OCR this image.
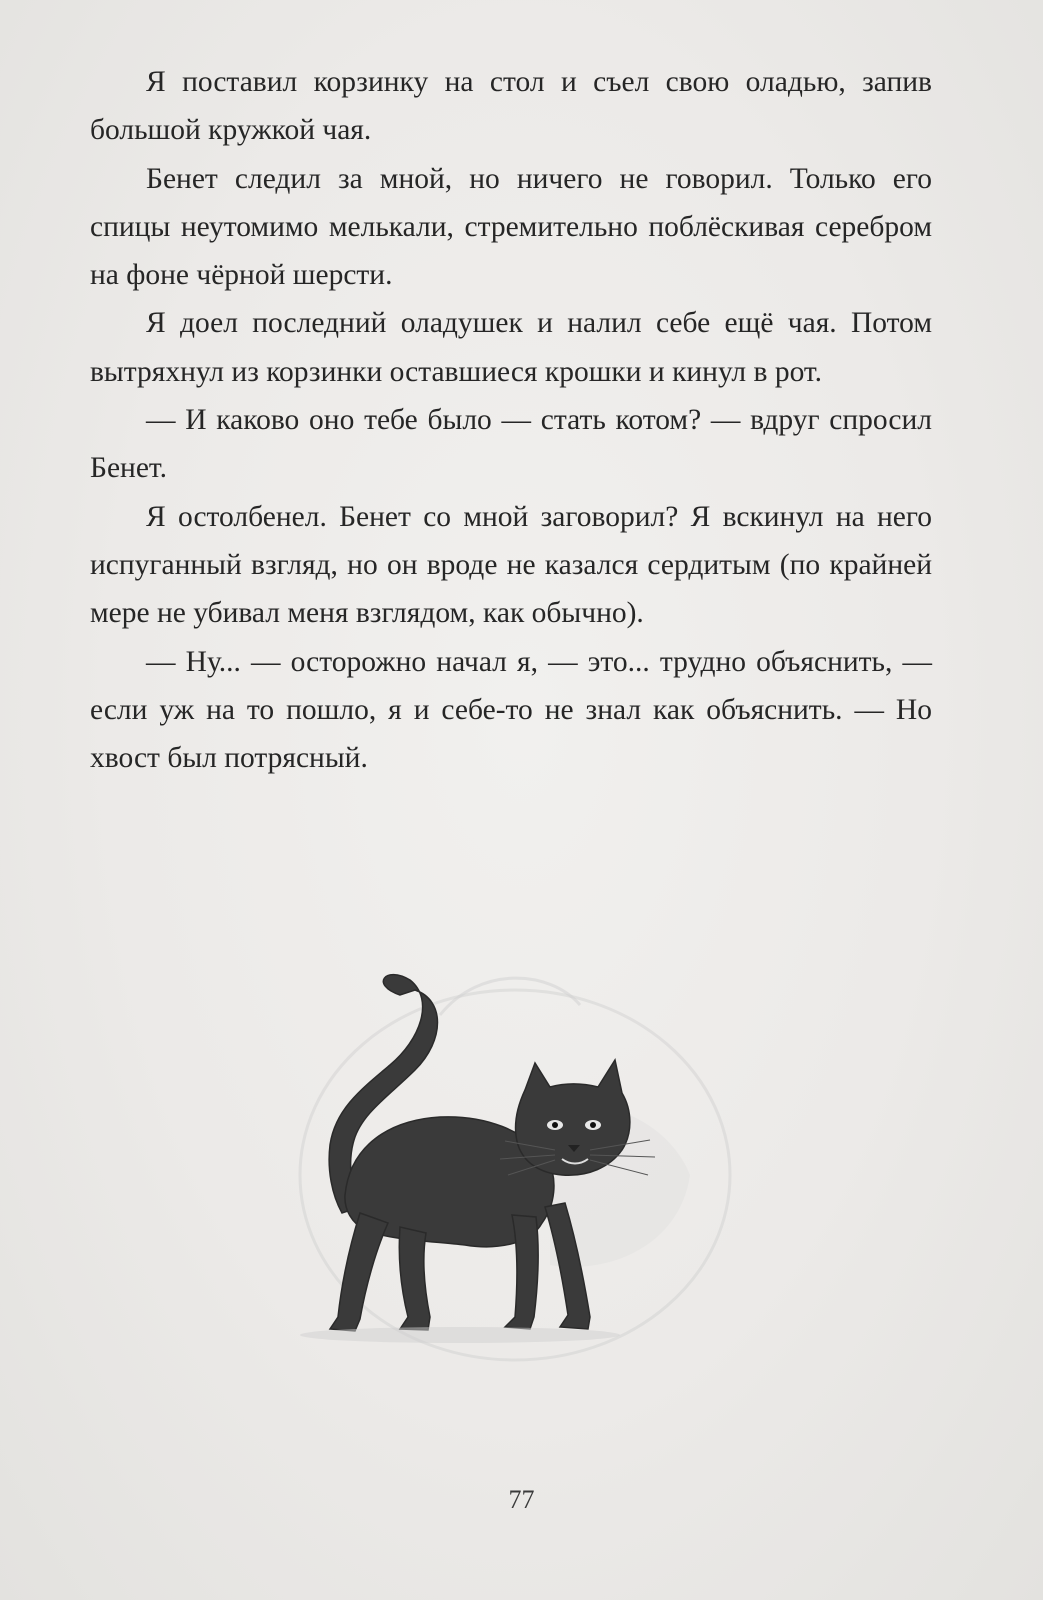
Я поставил корзинку на стол и съел свою оладью, запив большой кружкой чая.

Бенет следил за мной, но ничего не говорил. Только его спицы неутомимо мелькали, стремительно поблёскивая серебром на фоне чёрной шерсти.

Я доел последний оладушек и налил себе ещё чая. Потом вытряхнул из корзинки оставшиеся крошки и кинул в рот.

— И каково оно тебе было — стать котом? — вдруг спросил Бенет.

Я остолбенел. Бенет со мной заговорил? Я вскинул на него испуганный взгляд, но он вроде не казался сердитым (по крайней мере не убивал меня взглядом, как обычно).

— Ну... — осторожно начал я, — это... трудно объяснить, — если уж на то пошло, я и себе-то не знал как объяснить. — Но хвост был потрясный.

77
